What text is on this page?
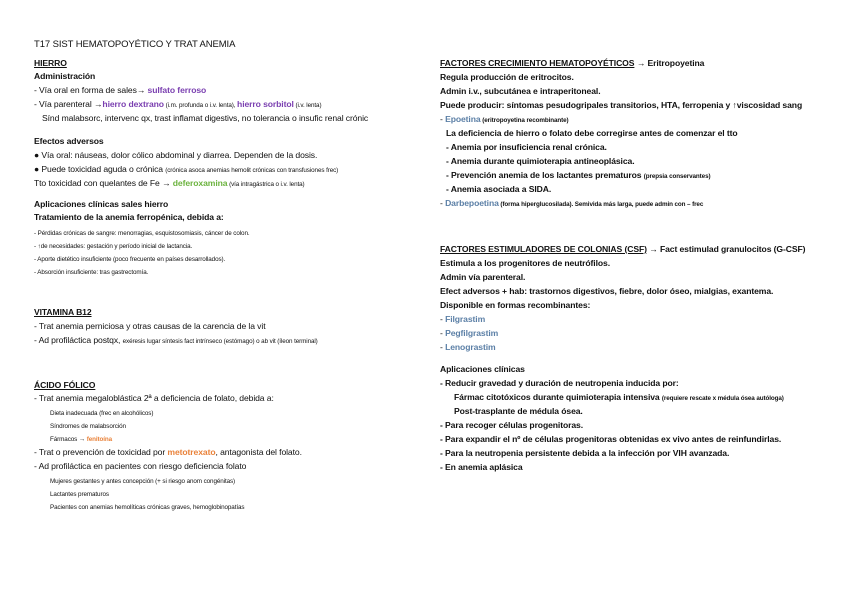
T17 SIST HEMATOPOYÉTICO Y TRAT ANEMIA
HIERRO
Administración
- Vía oral en forma de sales→ sulfato ferroso
- Vía parenteral →hierro dextrano (i.m. profunda o i.v. lenta), hierro sorbitol (i.v. lenta)
Sínd malabsorc, intervenc qx, trast inflamat digestivs, no tolerancia o insufic renal crónic
Efectos adversos
● Vía oral: náuseas, dolor cólico abdominal y diarrea. Dependen de la dosis.
● Puede toxicidad aguda o crónica (crónica asoca anemias hemolit crónicas con transfusiones frec)
Tto toxicidad con quelantes de Fe → deferoxamina (vía intragástrica o i.v. lenta)
Aplicaciones clínicas sales hierro
Tratamiento de la anemia ferropénica, debida a:
- Pérdidas crónicas de sangre: menorragias, esquistosomiasis, cáncer de colon.
- ↑de necesidades: gestación y período inicial de lactancia.
- Aporte dietético insuficiente (poco frecuente en países desarrollados).
- Absorción insuficiente: tras gastrectomía.
VITAMINA B12
- Trat anemia perniciosa y otras causas de la carencia de la vit
- Ad profiláctica postqx, exéresis lugar síntesis fact intrínseco (estómago) o ab vit (íleon terminal)
ÁCIDO FÓLICO
- Trat anemia megaloblástica 2ª a deficiencia de folato, debida a:
Dieta inadecuada (frec en alcohólicos)
Síndromes de malabsorción
Fármacos → fenitoína
- Trat o prevención de toxicidad por metotrexato, antagonista del folato.
- Ad profiláctica en pacientes con riesgo deficiencia folato
Mujeres gestantes y antes concepción (+ si riesgo anom congénitas)
Lactantes prematuros
Pacientes con anemias hemolíticas crónicas graves, hemoglobinopatías
FACTORES CRECIMIENTO HEMATOPOYÉTICOS → Eritropoyetina
Regula producción de eritrocitos.
Admin i.v., subcutánea e intraperitoneal.
Puede producir: síntomas pesudogripales transitorios, HTA, ferropenia y ↑viscosidad sang
- Epoetina (eritropoyetina recombinante)
La deficiencia de hierro o folato debe corregirse antes de comenzar el tto
- Anemia por insuficiencia renal crónica.
- Anemia durante quimioterapia antineoplásica.
- Prevención anemia de los lactantes prematuros (prepsia conservantes)
- Anemia asociada a SIDA.
- Darbepoetina (forma hiperglucosilada). Semivida más larga, puede admin con – frec
FACTORES ESTIMULADORES DE COLONIAS (CSF) → Fact estimulad granulocitos (G-CSF)
Estimula a los progenitores de neutrófilos.
Admin vía parenteral.
Efect adversos + hab: trastornos digestivos, fiebre, dolor óseo, mialgias, exantema.
Disponible en formas recombinantes:
- Filgrastim
- Pegfilgrastim
- Lenograstim
Aplicaciones clínicas
- Reducir gravedad y duración de neutropenia inducida por:
Fármac citotóxicos durante quimioterapia intensiva (requiere rescate x médula ósea autóloga)
Post-trasplante de médula ósea.
- Para recoger células progenitoras.
- Para expandir el nº de células progenitoras obtenidas ex vivo antes de reinfundirlas.
- Para la neutropenia persistente debida a la infección por VIH avanzada.
- En anemia aplásica
